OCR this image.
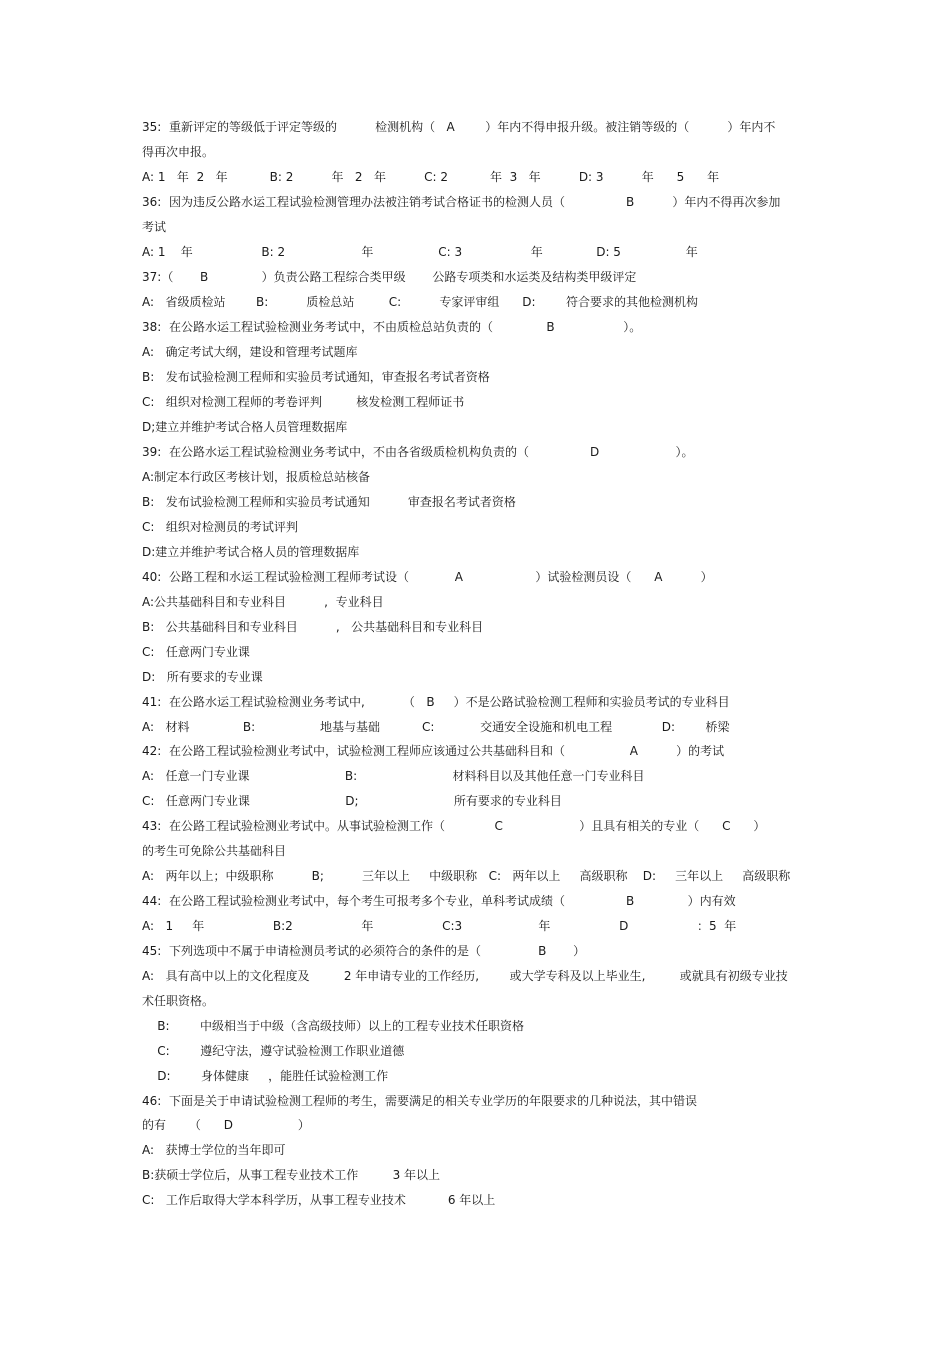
35:  重新评定的等级低于评定等级的          检测机构（   A        ）年内不得申报升级。被注销等级的（          ）年内不
得再次申报。
A: 1   年  2   年           B: 2          年   2   年          C: 2           年  3   年          D: 3          年      5      年
36:  因为违反公路水运工程试验检测管理办法被注销考试合格证书的检测人员（                B          ）年内不得再次参加
考试
A: 1    年                  B: 2                    年                 C: 3                  年              D: 5                 年
37:（       B              ）负责公路工程综合类甲级       公路专项类和水运类及结构类甲级评定
A:   省级质检站        B:          质检总站         C:          专家评审组      D:        符合要求的其他检测机构
38:  在公路水运工程试验检测业务考试中，不由质检总站负责的（              B                  ）。
A:   确定考试大纲，建设和管理考试题库
B:   发布试验检测工程师和实验员考试通知，审查报名考试者资格
C:   组织对检测工程师的考卷评判         核发检测工程师证书
D;建立并维护考试合格人员管理数据库
39:  在公路水运工程试验检测业务考试中，不由各省级质检机构负责的（                D                    ）。
A:制定本行政区考核计划，报质检总站核备
B:   发布试验检测工程师和实验员考试通知          审查报名考试者资格
C:   组织对检测员的考试评判
D:建立并维护考试合格人员的管理数据库
40:  公路工程和水运工程试验检测工程师考试设（            A                   ）试验检测员设（      A          ）
A:公共基础科目和专业科目          ,  专业科目
B:   公共基础科目和专业科目          ,   公共基础科目和专业科目
C:   任意两门专业课
D:   所有要求的专业课
41:  在公路水运工程试验检测业务考试中,          （   B     ）不是公路试验检测工程师和实验员考试的专业科目
A:   材料              B:                 地基与基础           C:            交通安全设施和机电工程             D:        桥梁
42:  在公路工程试验检测业考试中，试验检测工程师应该通过公共基础科目和（                 A          ）的考试
A:   任意一门专业课                         B:                         材料科目以及其他任意一门专业科目
C:   任意两门专业课                         D;                         所有要求的专业科目
43:  在公路工程试验检测业考试中。从事试验检测工作（             C                    ）且具有相关的专业（      C      ）
的考生可免除公共基础科目
A:   两年以上；中级职称          B;          三年以上     中级职称   C:   两年以上     高级职称    D:     三年以上     高级职称
44:  在公路工程试验检测业考试中，每个考生可报考多个专业，单科考试成绩（                B              ）内有效
A:   1     年                  B:2                  年                  C:3                    年                  D                  ：5  年
45:  下列选项中不属于申请检测员考试的必须符合的条件的是（               B       ）
A:   具有高中以上的文化程度及         2 年申请专业的工作经历,        或大学专科及以上毕业生,         或就具有初级专业技
术任职资格。
B:        中级相当于中级（含高级技师）以上的工程专业技术任职资格
C:        遵纪守法，遵守试验检测工作职业道德
D:        身体健康     ，能胜任试验检测工作
46:  下面是关于申请试验检测工程师的考生，需要满足的相关专业学历的年限要求的几种说法，其中错误
的有      （      D                 ）
A:   获博士学位的当年即可
B:获硕士学位后，从事工程专业技术工作         3 年以上
C:   工作后取得大学本科学历，从事工程专业技术           6 年以上
